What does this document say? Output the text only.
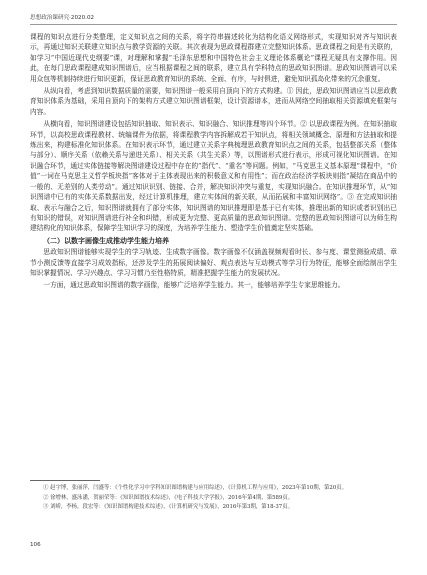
思想政治课研究·2020.02

课程的知识点进行分类整理，定义知识点之间的关系，将字符串描述转化为结构化语义网络形式，实现知识对齐与知识表示，再通过知识关联建立知识点与教学资源的关联。其次表现为思政课程群建立完整知识体系。思政课程之间是有关联的，如学习“中国近现代史纲要”课，对理解和掌握“毛泽东思想和中国特色社会主义理论体系概论”课程无疑具有支撑作用。因此，在每门思政课程建成知识图谱后，应当根据课程之间的联系，建立具有学科特点的思政知识图谱。思政知识图谱可以采用众包等机制持续进行知识更新，保证思政教育知识的系统、全面、有序，与时俱进，避免知识孤岛化带来的冗余重复。

从纵向看，考虑到知识数据质量的需要，知识图谱一般采用自顶向下的方式构建。① 因此，思政知识图谱应当以思政教育知识体系为基础，采用自顶向下的架构方式建立知识图谱框架，设计资源谱本，进而从网络空间抽取相关资源填充框架与内容。

从横向看，知识图谱建设包括知识抽取、知识表示、知识融合、知识推理等四个环节。② 以思政课程为例。在知识抽取环节，以高校思政课程教材、统编课件为依据，将课程教学内容拆解成若干知识点，将相关领域概念、原理和方法抽取和提炼出来，构建标准化知识体系。在知识表示环节，通过建立关系字典梳理思政教育知识点之间的关系，包括整部关系（整体与部分）、顺序关系（依赖关系与递进关系）、相关关系（共生关系）等，以图谱形式进行表示，形成可视化知识图谱。在知识融合环节，通过实体链接等解决图谱建设过程中存在的“指代”、“重名”等问题。例如，“马克思主义基本原理”课程中，“价值”一词在马克思主义哲学板块指“客体对于主体表现出来的积极意义和有用性”；而在政治经济学板块则指“凝结在商品中的一般的、无差别的人类劳动”。通过知识识别、链接、合并，解决知识冲突与重复，实现知识融合。在知识推理环节，从“知识图谱中已有的实体关系数据出发，经过计算机推理，建立实体间的新关联，从而拓展和丰富知识网络”。③ 在完成知识抽取、表示与融合之后，知识图谱就拥有了部分实体，知识图谱的知识推理即是基于已有实体，推理出新的知识或者识别出已有知识的错误，对知识图谱进行补全和纠错，形成更为完整、更高质量的思政知识图谱。完整的思政知识图谱可以为师生构建结构化的知识体系，保障学生知识学习的深度，为培养学生能力、塑造学生价值奠定坚实基础。

（二）以数字画像生成推动学生能力培养

思政知识图谱能够实现学生的学习轨迹、生成数字画像。数字画像不仅涵盖视频观看时长、参与度、课堂测验成绩、章节小测反馈等直接学习成效指标，还涉及学生的拓展阅读偏好、观点表达与互动模式等学习行为特征，能够全面绘制出学生知识掌握情况、学习兴趣点、学习习惯乃至性格特质，精准把握学生能力的发展状况。

一方面，通过思政知识图谱的数字画像，能够广泛培养学生能力。其一，能够培养学生专家思维能力。

① 赵宇博，张丽萍，闫盛等：《个性化学习中学科知识图谱构建与应用综述》，《计算机工程与应用》，2023年第10期，第20页。
② 徐增林，盛泳潘，贺丽荣等：《知识图谱技术综述》，《电子科技大学学报》，2016年第4期，第589页。
③ 刘峤，李杨，段宏等：《知识图谱构建技术综述》，《计算机研究与发展》，2016年第3期，第18-37页。
106
